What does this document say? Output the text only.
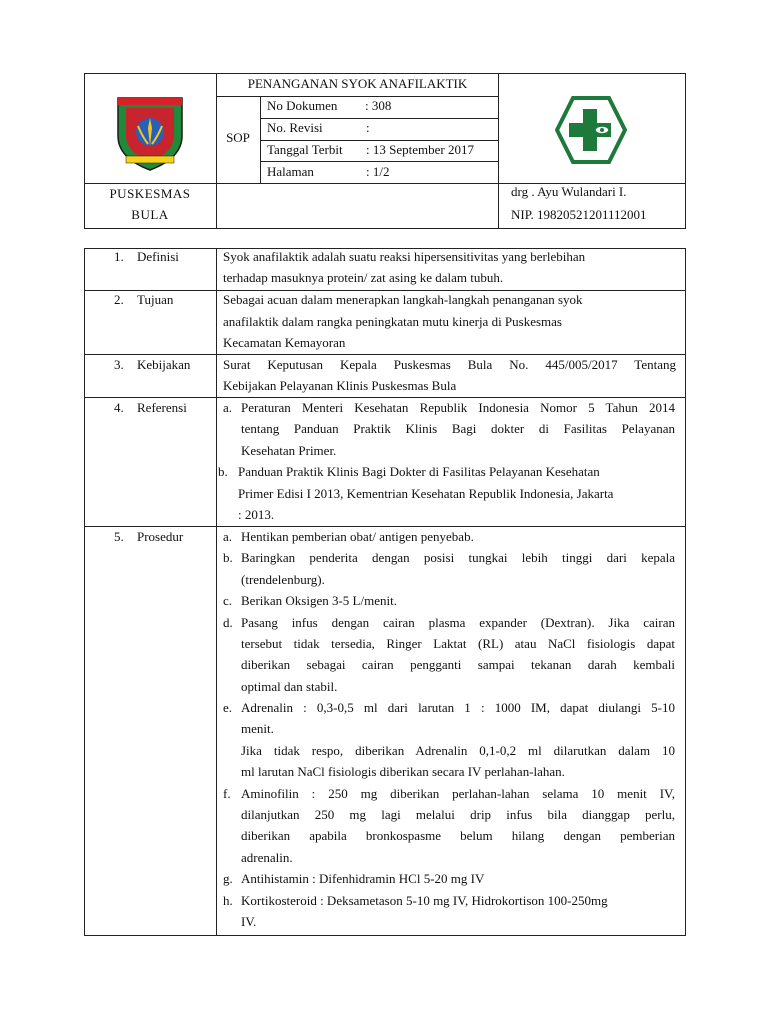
PENANGANAN SYOK ANAFILAKTIK
SOP
No Dokumen : 308
No. Revisi	:
Tanggal Terbit : 13 September 2017
Halaman	: 1/2
PUSKESMAS
BULA
drg . Ayu Wulandari I.
NIP. 19820521201112001
1. Definisi
2. Tujuan
3. Kebijakan
4. Referensi
5. Prosedur
Syok anafilaktik adalah suatu reaksi hipersensitivitas yang berlebihan
terhadap masuknya protein/ zat asing ke dalam tubuh.
Sebagai acuan dalam menerapkan langkah-langkah penanganan syok
anafilaktik dalam rangka peningkatan mutu kinerja di Puskesmas
Kecamatan Kemayoran
Surat Keputusan Kepala Puskesmas Bula No. 445/005/2017 Tentang
Kebijakan Pelayanan Klinis Puskesmas Bula
a. Peraturan Menteri Kesehatan Republik Indonesia Nomor 5 Tahun 2014
tentang Panduan Praktik Klinis Bagi dokter di Fasilitas Pelayanan
Kesehatan Primer.
b. Panduan Praktik Klinis Bagi Dokter di Fasilitas Pelayanan Kesehatan
Primer Edisi I 2013, Kementrian Kesehatan Republik Indonesia, Jakarta
: 2013.
a. Hentikan pemberian obat/ antigen penyebab.
b. Baringkan penderita dengan posisi tungkai lebih tinggi dari kepala
(trendelenburg).
c. Berikan Oksigen 3-5 L/menit.
d. Pasang infus dengan cairan plasma expander (Dextran). Jika cairan
tersebut tidak tersedia, Ringer Laktat (RL) atau NaCl fisiologis dapat
diberikan sebagai cairan pengganti sampai tekanan darah kembali
optimal dan stabil.
e. Adrenalin : 0,3-0,5 ml dari larutan 1 : 1000 IM, dapat diulangi 5-10
menit.
Jika tidak respo, diberikan Adrenalin 0,1-0,2 ml dilarutkan dalam 10
ml larutan NaCl fisiologis diberikan secara IV perlahan-lahan.
f. Aminofilin : 250 mg diberikan perlahan-lahan selama 10 menit IV,
dilanjutkan 250 mg lagi melalui drip infus bila dianggap perlu,
diberikan apabila bronkospasme belum hilang dengan pemberian
adrenalin.
g. Antihistamin : Difenhidramin HCl 5-20 mg IV
h. Kortikosteroid : Deksametason 5-10 mg IV, Hidrokortison 100-250mg
IV.
